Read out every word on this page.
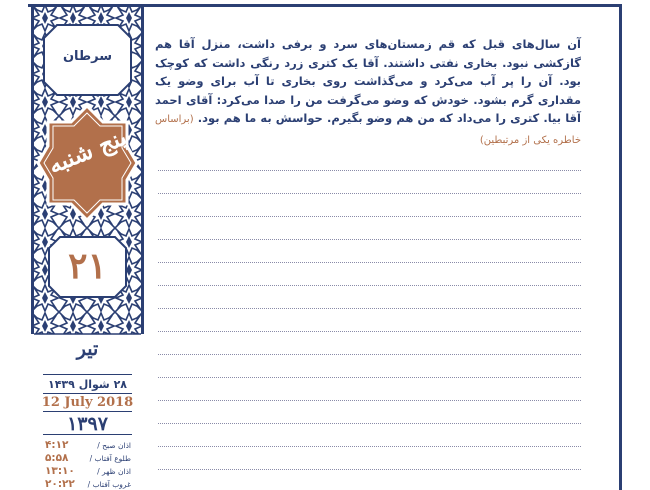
سرطان
پنج شنبه
۲۱
تیر
۲۸ شوال ۱۴۳۹
12 July 2018
۱۳۹۷
اذان صبح /
۴:۱۲
طلوع آفتاب /
۵:۵۸
اذان ظهر /
۱۳:۱۰
غروب آفتاب /
۲۰:۲۲
آن سال‌های قبل که قم زمستان‌های سرد و برفی داشت، منزل آقا هم گازکشی نبود. بخاری نفتی داشتند. آقا یک کتری زرد رنگی داشت که کوچک بود. آن را پر آب می‌کرد و می‌گذاشت روی بخاری تا آب برای وضو یک مقداری گرم بشود. خودش که وضو می‌گرفت من را صدا می‌کرد: آقای احمد آقا بیا. کتری را می‌داد که من هم وضو بگیرم. حواسش به ما هم بود. (براساس خاطره یکی از مرتبطین)
